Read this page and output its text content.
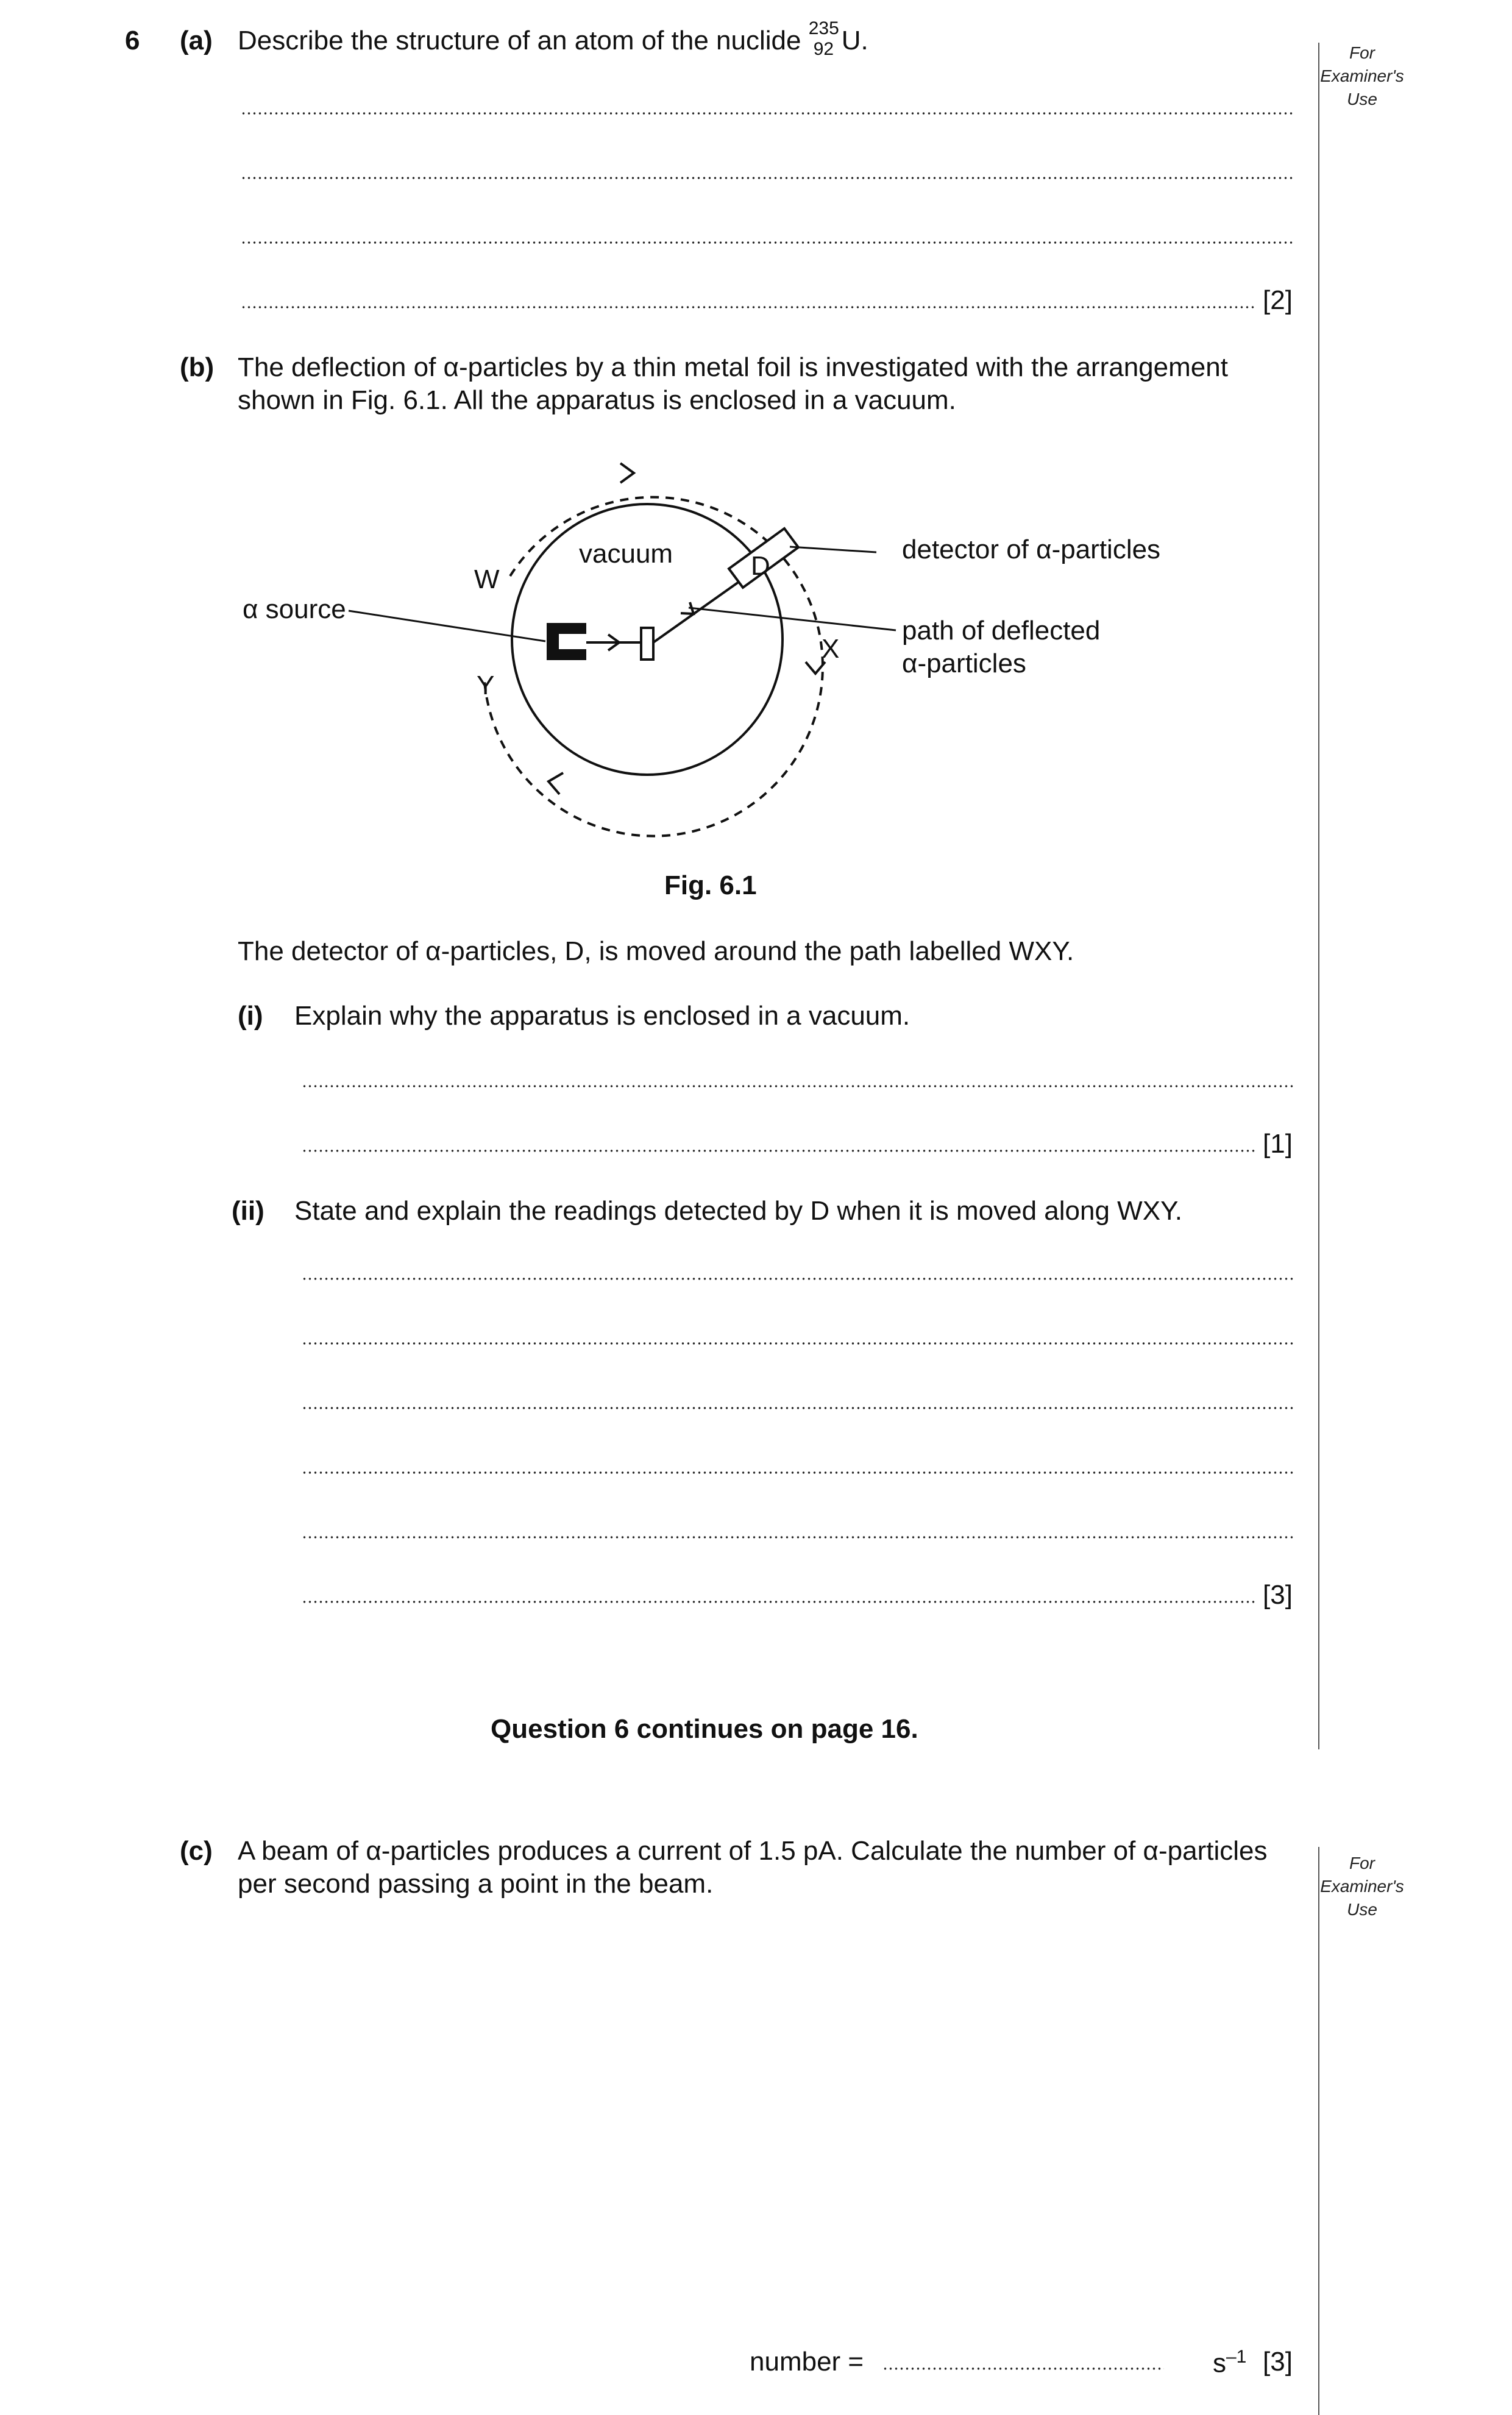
For
Examiner's
Use
For
Examiner's
Use
6 (a) Describe the structure of an atom of the nuclide 235
92 U.
[2]
(b) The deflection of α-particles by a thin metal foil is investigated with the arrangement
shown in Fig. 6.1. All the apparatus is enclosed in a vacuum.
vacuum	D
detector of α-particles
W
α source
path of deflected
α-particles
X
Y
Fig. 6.1
The detector of α-particles, D, is moved around the path labelled WXY.
(i) Explain why the apparatus is enclosed in a vacuum.
[1]
(ii) State and explain the readings detected by D when it is moved along WXY.
[3]
Question 6 continues on page 16.
(c) A beam of α-particles produces a current of 1.5 pA. Calculate the number of α-particles
per second passing a point in the beam.
number =	$s^{-1}$ [3]
